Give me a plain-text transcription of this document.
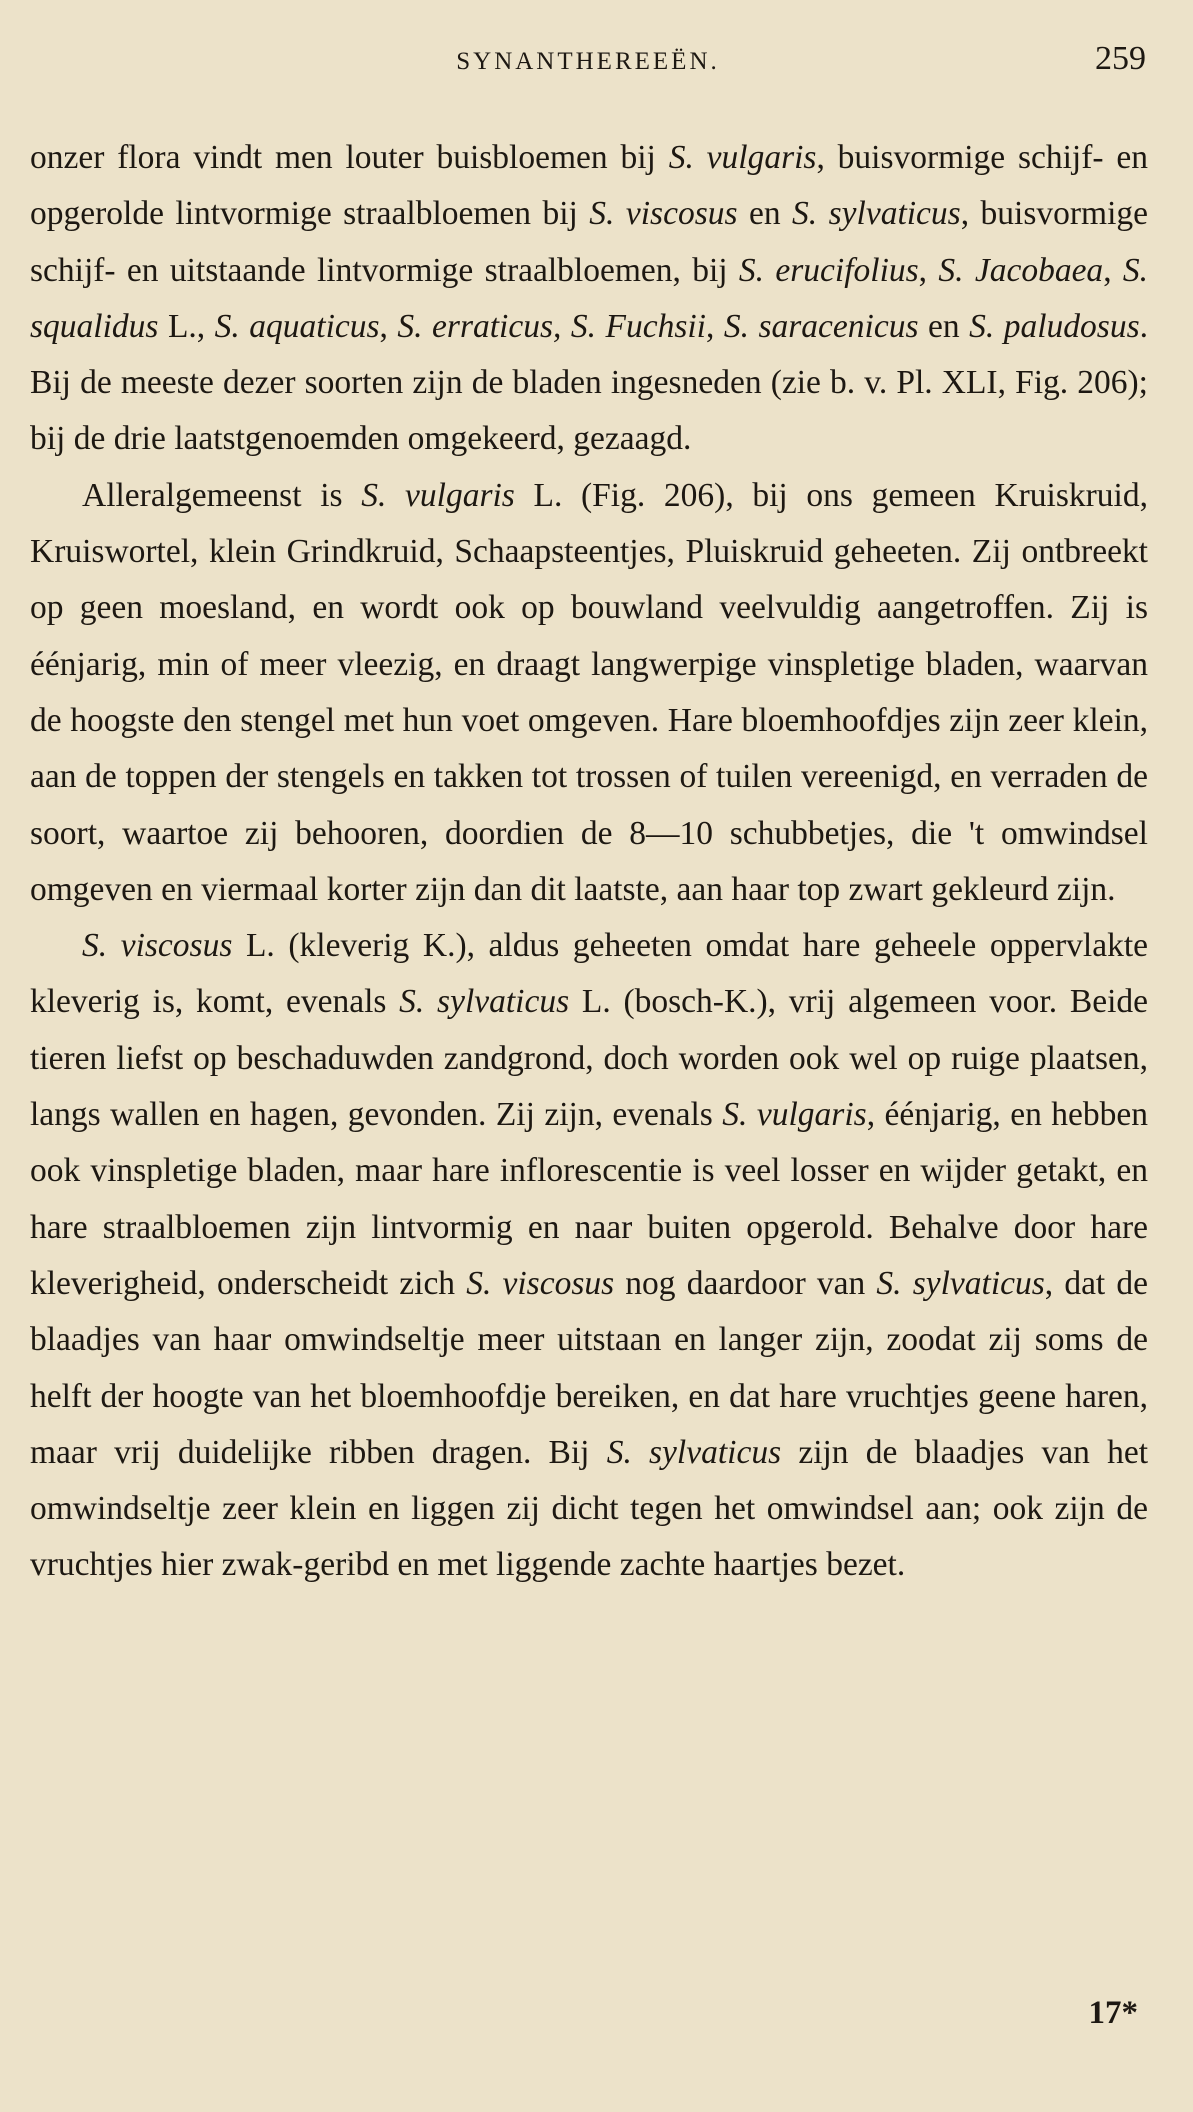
SYNANTHEREEËN.	259

onzer flora vindt men louter buisbloemen bij S. vulgaris, buisvormige schijf- en opgerolde lintvormige straalbloemen bij S. viscosus en S. sylvaticus, buisvormige schijf- en uitstaande lintvormige straalbloemen, bij S. erucifolius, S. Jacobaea, S. squalidus L., S. aquaticus, S. erraticus, S. Fuchsii, S. saracenicus en S. paludosus. Bij de meeste dezer soorten zijn de bladen ingesneden (zie b. v. Pl. XLI, Fig. 206); bij de drie laatstgenoemden omgekeerd, gezaagd.

Alleralgemeenst is S. vulgaris L. (Fig. 206), bij ons gemeen Kruiskruid, Kruiswortel, klein Grindkruid, Schaapsteentjes, Pluiskruid geheeten. Zij ontbreekt op geen moesland, en wordt ook op bouwland veelvuldig aangetroffen. Zij is éénjarig, min of meer vleezig, en draagt langwerpige vinspletige bladen, waarvan de hoogste den stengel met hun voet omgeven. Hare bloemhoofdjes zijn zeer klein, aan de toppen der stengels en takken tot trossen of tuilen vereenigd, en verraden de soort, waartoe zij behooren, doordien de 8—10 schubbetjes, die 't omwindsel omgeven en viermaal korter zijn dan dit laatste, aan haar top zwart gekleurd zijn.

S. viscosus L. (kleverig K.), aldus geheeten omdat hare geheele oppervlakte kleverig is, komt, evenals S. sylvaticus L. (bosch-K.), vrij algemeen voor. Beide tieren liefst op beschaduwden zandgrond, doch worden ook wel op ruige plaatsen, langs wallen en hagen, gevonden. Zij zijn, evenals S. vulgaris, éénjarig, en hebben ook vinspletige bladen, maar hare inflorescentie is veel losser en wijder getakt, en hare straalbloemen zijn lintvormig en naar buiten opgerold. Behalve door hare kleverigheid, onderscheidt zich S. viscosus nog daardoor van S. sylvaticus, dat de blaadjes van haar omwindseltje meer uitstaan en langer zijn, zoodat zij soms de helft der hoogte van het bloemhoofdje bereiken, en dat hare vruchtjes geene haren, maar vrij duidelijke ribben dragen. Bij S. sylvaticus zijn de blaadjes van het omwindseltje zeer klein en liggen zij dicht tegen het omwindsel aan; ook zijn de vruchtjes hier zwak-geribd en met liggende zachte haartjes bezet.

17*
